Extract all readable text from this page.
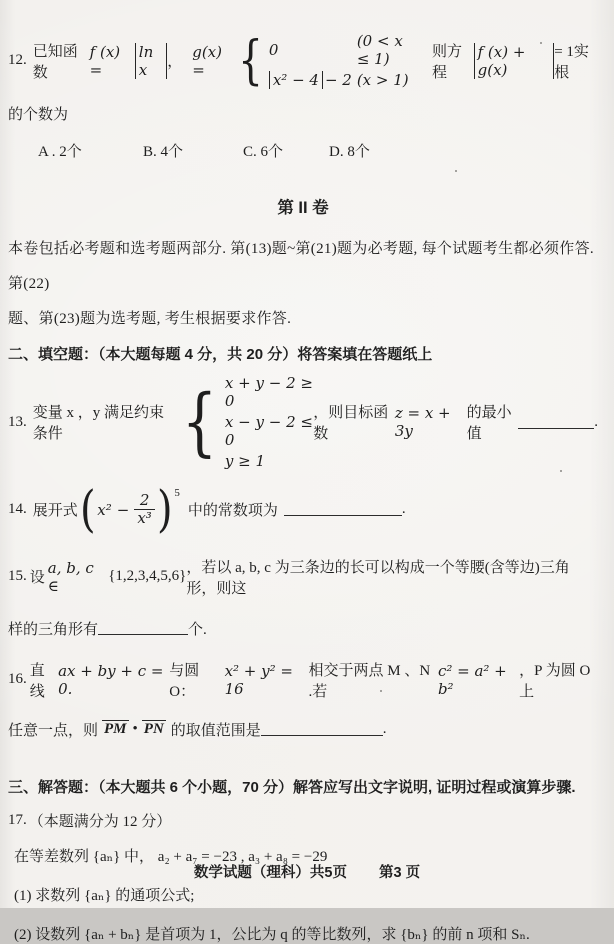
12.
已知函数
f (x) =
ln x	，
g(x) = { 0	(0 < x ≤ 1)
x² − 4 − 2 (x > 1)
则方程
f (x) + g(x)
= 1实根
的个数为
A . 2个	B. 4个	C. 6个	D. 8个
第 II 卷
本卷包括必考题和选考题两部分. 第(13)题~第(21)题为必考题, 每个试题考生都必须作答. 第(22)
题、第(23)题为选考题, 考生根据要求作答.
二、填空题：（本大题每题 4 分，共 20 分）将答案填在答题纸上
13.
变量 x ，y 满足约束条件	{ x + y − 2 ≥ 0
x − y − 2 ≤ 0
y ≥ 1
，则目标函数
z = x + 3y
的最小值
.
14. 展开式 ( $x^2 - \frac{2}{\text{x³}}$ ) 5
中的常数项为	.
15. 设
a, b, c ∈
{1,2,3,4,5,6}
，若以 a, b, c 为三条边的长可以构成一个等腰(含等边)三角形，则这
样的三角形有	个.
16.
直线
ax + by + c = 0.
与圆 O：
x² + y² = 16
相交于两点 M 、N .若
c² = a² + b²
，P 为圆 O 上
任意一点，则 PM • PN 的取值范围是	.
三、解答题：（本大题共 6 个小题，70 分）解答应写出文字说明, 证明过程或演算步骤.
17. （本题满分为 12 分）
在等差数列 {aₙ} 中， a₂ + a₇ = −23 , a₃ + a₈ = −29
(1) 求数列 {aₙ} 的通项公式;
(2) 设数列 {aₙ + bₙ} 是首项为 1，公比为 q 的等比数列，求 {bₙ} 的前 n 项和 Sₙ.
数学试题（理科）共5页 第3 页
